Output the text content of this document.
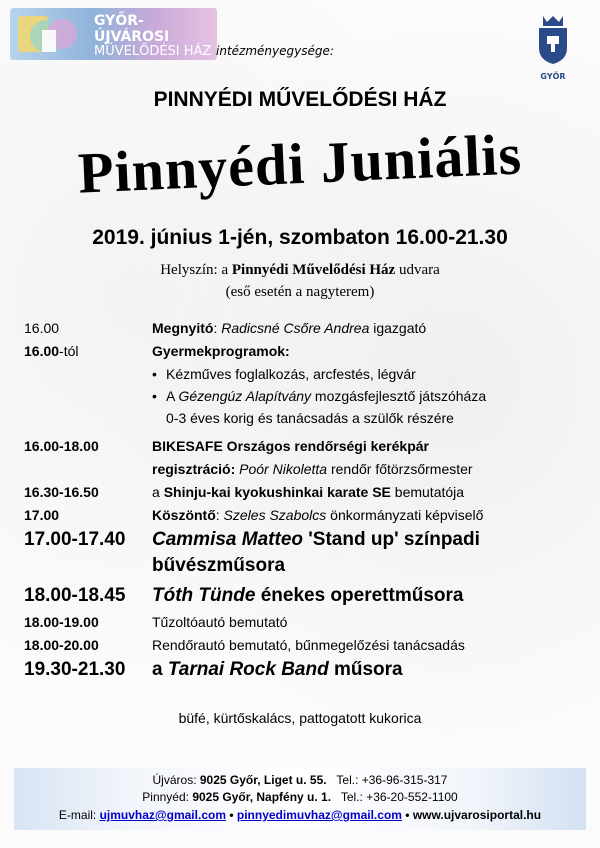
GYŐR-ÚJVÁROSI
MŰVELŐDÉSI HÁZ intézményegysége:
GYŐR
PINNYÉDI MŰVELŐDÉSI HÁZ
Pinnyédi Juniális
2019. június 1-jén, szombaton 16.00-21.30
Helyszín: a Pinnyédi Művelődési Ház udvara
(eső esetén a nagyterem)
16.00	Megnyitó: Radicsné Csőre Andrea igazgató
16.00-tól	Gyermekprogramok:
• Kézműves foglalkozás, arcfestés, légvár
• A Gézengúz Alapítvány mozgásfejlesztő játszóháza
0-3 éves korig és tanácsadás a szülők részére
16.00-18.00	BIKESAFE Országos rendőrségi kerékpár
regisztráció: Poór Nikoletta rendőr főtörzsőrmester
16.30-16.50	a Shinju-kai kyokushinkai karate SE bemutatója
17.00	Köszöntő: Szeles Szabolcs önkormányzati képviselő
17.00-17.40	Cammisa Matteo 'Stand up' színpadi
bűvészműsora
18.00-18.45	Tóth Tünde énekes operettműsora
18.00-19.00	Tűzoltóautó bemutató
18.00-20.00	Rendőrautó bemutató, bűnmegelőzési tanácsadás
19.30-21.30	a Tarnai Rock Band műsora
büfé, kürtőskalács, pattogatott kukorica
Újváros: 9025 Győr, Liget u. 55. Tel.: +36-96-315-317
Pinnyéd: 9025 Győr, Napfény u. 1. Tel.: +36-20-552-1100
E-mail: ujmuvhaz@gmail.com • pinnyedimuvhaz@gmail.com • www.ujvarosiportal.hu
